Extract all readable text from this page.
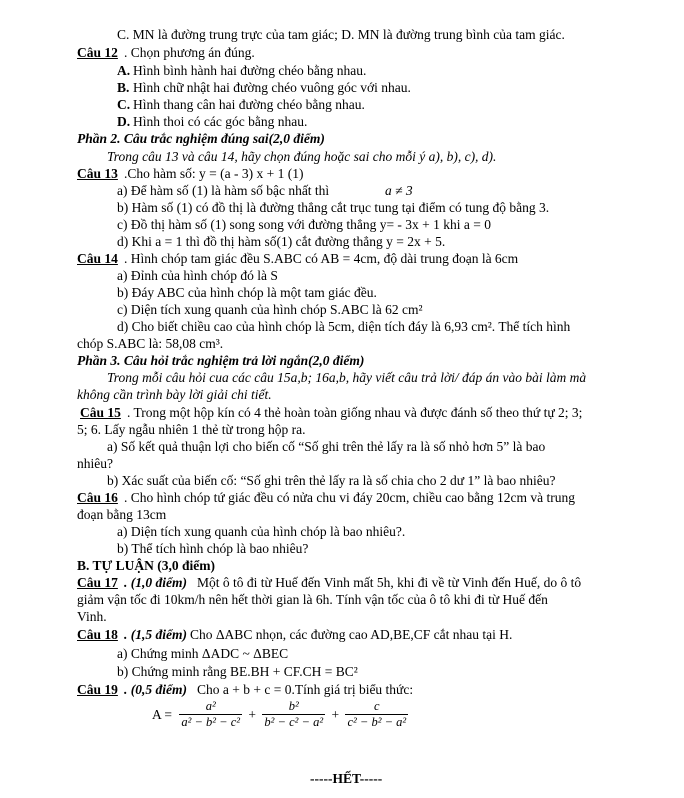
C. MN là đường trung trực của tam giác; D. MN là đường trung bình của tam giác.
Câu 12 . Chọn phương án đúng.
A. Hình bình hành hai đường chéo bằng nhau.
B. Hình chữ nhật hai đường chéo vuông góc với nhau.
C. Hình thang cân hai đường chéo bằng nhau.
D. Hình thoi có các góc bằng nhau.
Phần 2. Câu trắc nghiệm đúng sai(2,0 điểm)
Trong câu 13 và câu 14, hãy chọn đúng hoặc sai cho mỗi ý a), b), c), d).
Câu 13 .Cho hàm số: y = (a - 3) x + 1 (1)
a) Để hàm số (1) là hàm số bậc nhất thì	a ≠ 3
b) Hàm số (1) có đồ thị là đường thẳng cắt trục tung tại điểm có tung độ bằng 3.
c) Đồ thị hàm số (1) song song với đường thẳng y= - 3x + 1 khi a = 0
d) Khi a = 1 thì đồ thị hàm số(1) cắt đường thẳng y = 2x + 5.
Câu 14 . Hình chóp tam giác đều S.ABC có AB = 4cm, độ dài trung đoạn là 6cm
a) Đỉnh của hình chóp đó là S
b) Đáy ABC của hình chóp là một tam giác đều.
c) Diện tích xung quanh của hình chóp S.ABC là 62 cm²
d) Cho biết chiều cao của hình chóp là 5cm, diện tích đáy là 6,93 cm². Thể tích hình
chóp S.ABC là: 58,08 cm³.
Phần 3. Câu hỏi trắc nghiệm trả lời ngắn(2,0 điểm)
Trong mỗi câu hỏi cua các câu 15a,b; 16a,b, hãy viết câu trả lời/ đáp án vào bài làm mà
không cần trình bày lời giải chi tiết.
Câu 15 . Trong một hộp kín có 4 thẻ hoàn toàn giống nhau và được đánh số theo thứ tự 2; 3;
5; 6. Lấy ngẫu nhiên 1 thẻ từ trong hộp ra.
a) Số kết quả thuận lợi cho biến cố “Số ghi trên thẻ lấy ra là số nhỏ hơn 5” là bao
nhiêu?
b) Xác suất của biến cố: “Số ghi trên thẻ lấy ra là số chia cho 2 dư 1” là bao nhiêu?
Câu 16 . Cho hình chóp tứ giác đều có nửa chu vi đáy 20cm, chiều cao bằng 12cm và trung
đoạn bằng 13cm
a) Diện tích xung quanh của hình chóp là bao nhiêu?.
b) Thể tích hình chóp là bao nhiêu?
B. TỰ LUẬN (3,0 điểm)
Câu 17 . (1,0 điểm) Một ô tô đi từ Huế đến Vinh mất 5h, khi đi về từ Vinh đến Huế, do ô tô
giảm vận tốc đi 10km/h nên hết thời gian là 6h. Tính vận tốc của ô tô khi đi từ Huế đến
Vinh.
Câu 18 . (1,5 điểm) Cho ΔABC nhọn, các đường cao AD,BE,CF cắt nhau tại H.
a) Chứng minh ΔADC ~ ΔBEC
b) Chứng minh rằng BE.BH + CF.CH = BC²
Câu 19 . (0,5 điểm) Cho a + b + c = 0.Tính giá trị biểu thức:
-----HẾT-----
$A = \frac{\text{a²}}{\text{a² − b² − c²}} + \frac{\text{b²}}{\text{b² − c² − a²}} + \frac{c}{\text{c² − b² − a²}}$
